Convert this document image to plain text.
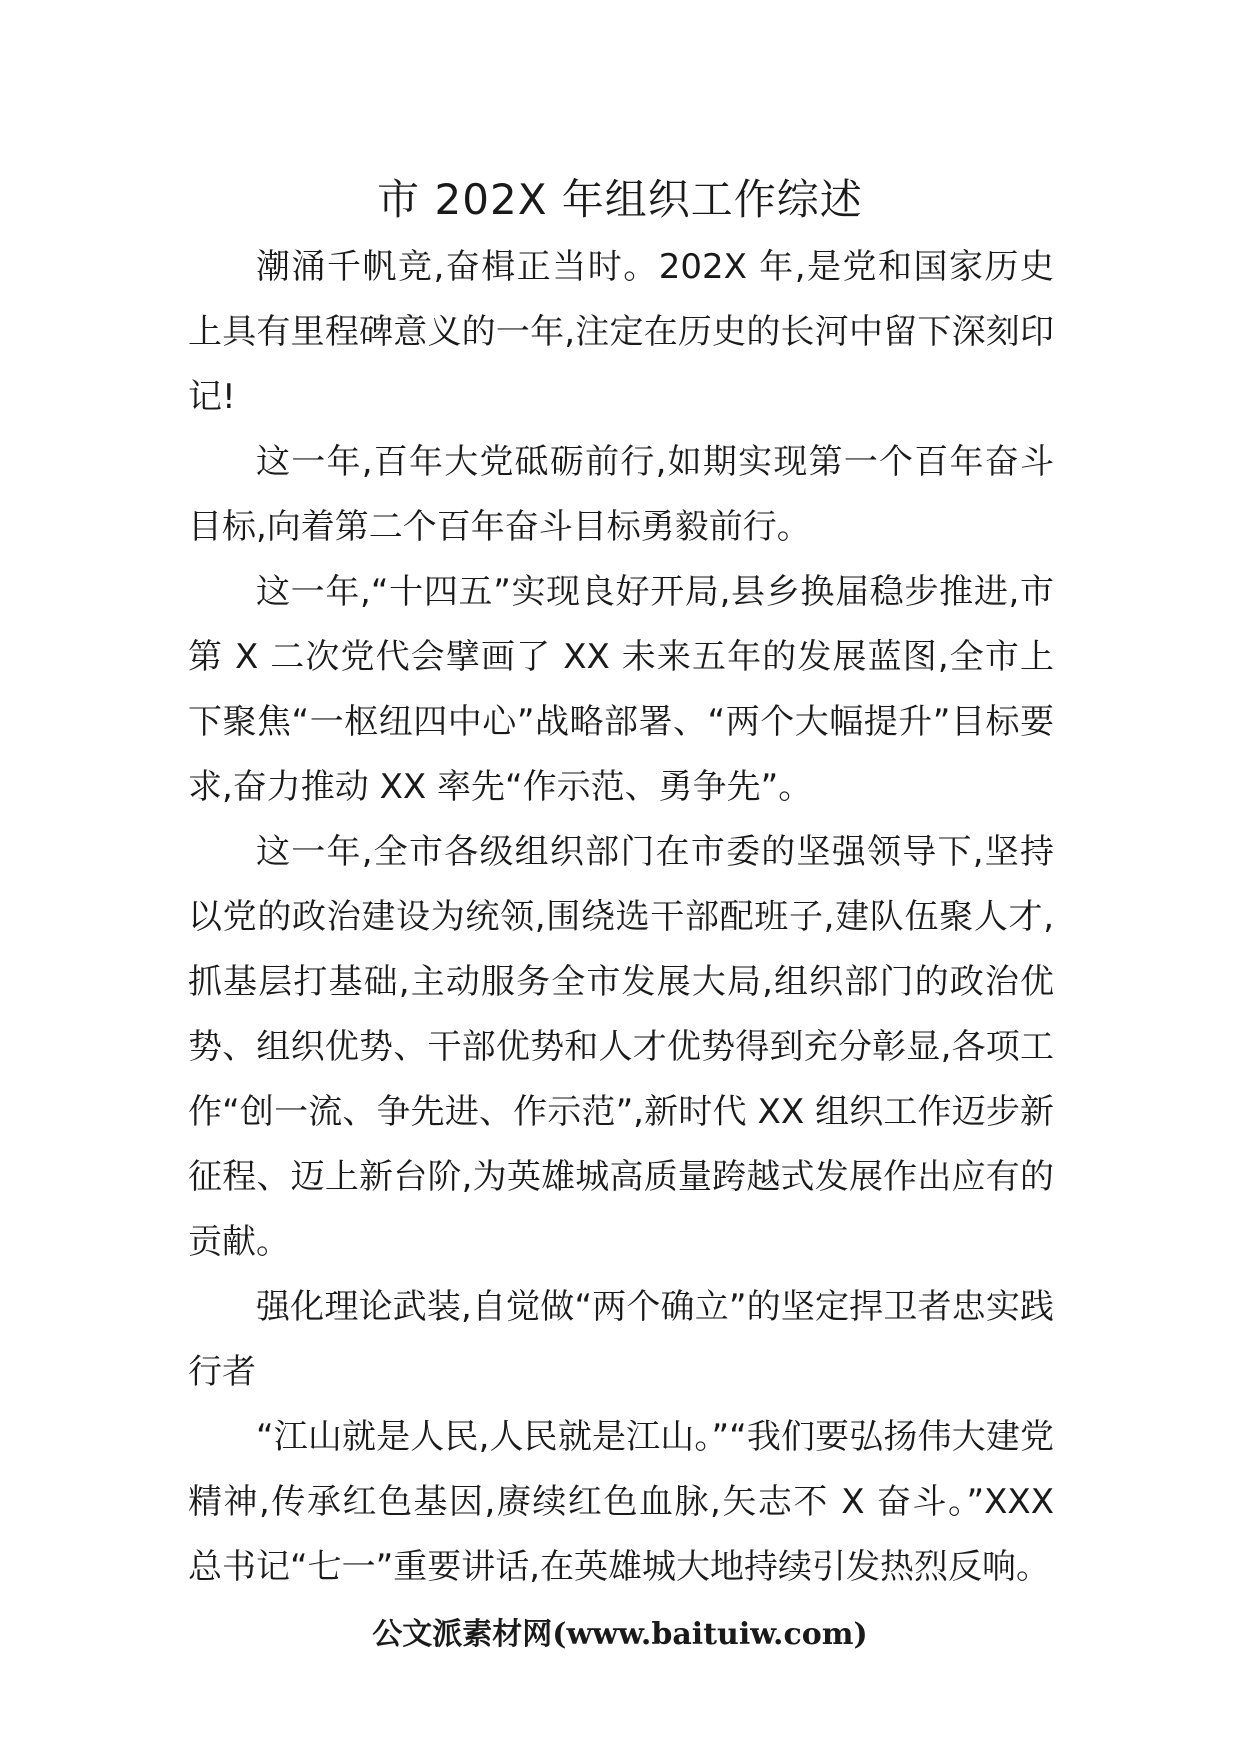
市 202X 年组织工作综述

潮涌千帆竞,奋楫正当时。202X 年,是党和国家历史上具有里程碑意义的一年,注定在历史的长河中留下深刻印记!

这一年,百年大党砥砺前行,如期实现第一个百年奋斗目标,向着第二个百年奋斗目标勇毅前行。

这一年,“十四五”实现良好开局,县乡换届稳步推进,市第 X 二次党代会擘画了 XX 未来五年的发展蓝图,全市上下聚焦“一枢纽四中心”战略部署、“两个大幅提升”目标要求,奋力推动 XX 率先“作示范、勇争先”。

这一年,全市各级组织部门在市委的坚强领导下,坚持以党的政治建设为统领,围绕选干部配班子,建队伍聚人才,抓基层打基础,主动服务全市发展大局,组织部门的政治优势、组织优势、干部优势和人才优势得到充分彰显,各项工作“创一流、争先进、作示范”,新时代 XX 组织工作迈步新征程、迈上新台阶,为英雄城高质量跨越式发展作出应有的贡献。

强化理论武装,自觉做“两个确立”的坚定捍卫者忠实践行者

“江山就是人民,人民就是江山。”“我们要弘扬伟大建党精神,传承红色基因,赓续红色血脉,矢志不 X 奋斗。”XXX 总书记“七一”重要讲话,在英雄城大地持续引发热烈反响。

公文派素材网(www.baituiw.com)
